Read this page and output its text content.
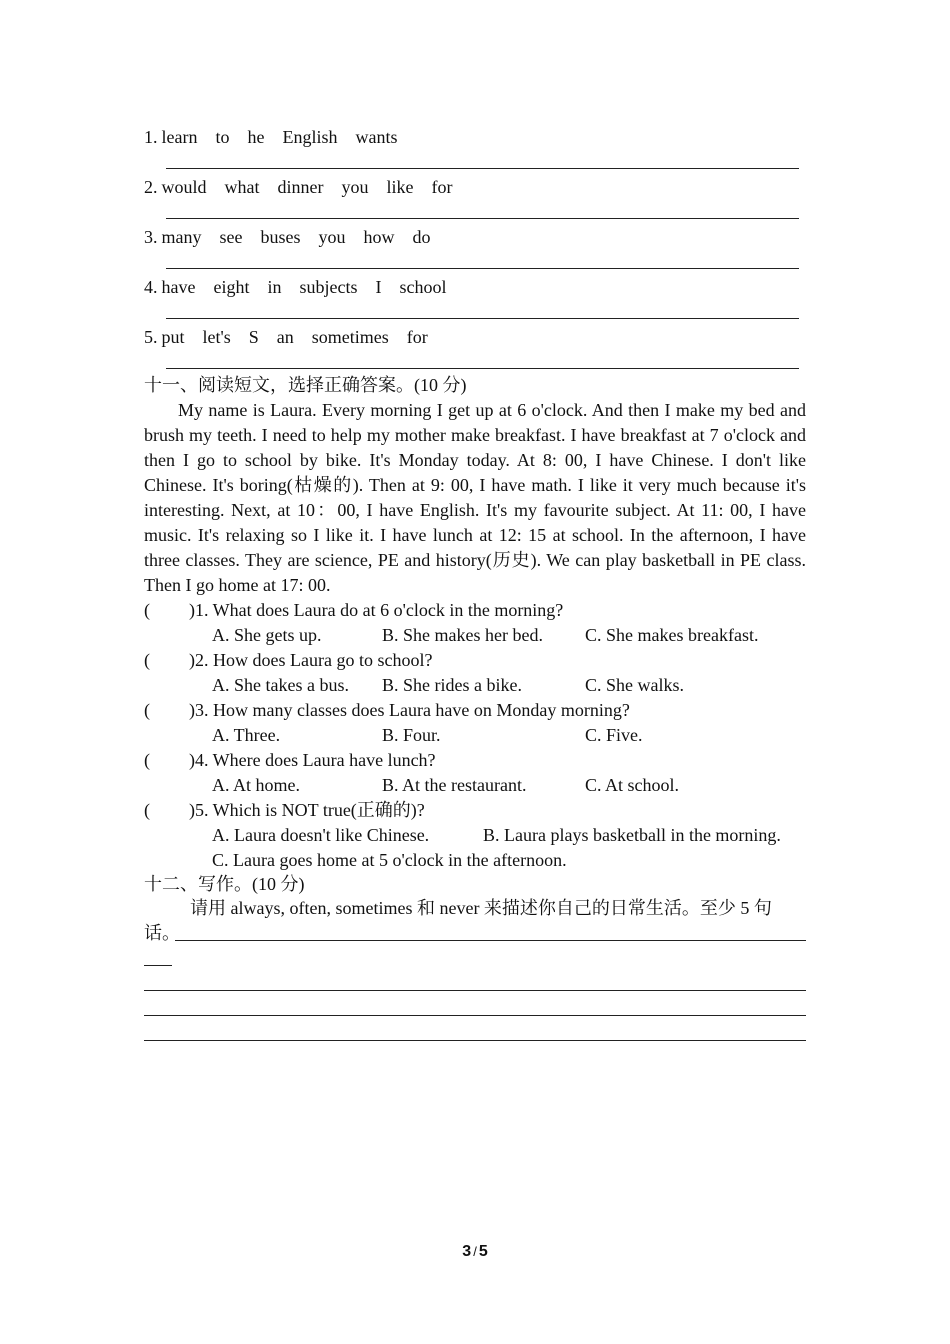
1. learn to he English wants
2. would what dinner you like for
3. many see buses you how do
4. have eight in subjects I school
5. put let's S an sometimes for
十一、阅读短文，选择正确答案。(10 分)

My name is Laura. Every morning I get up at 6 o'clock. And then I make my bed and brush my teeth. I need to help my mother make breakfast. I have breakfast at 7 o'clock and then I go to school by bike. It's Monday today. At 8: 00, I have Chinese. I don't like Chinese. It's boring(枯燥的). Then at 9: 00, I have math. I like it very much because it's interesting. Next, at 10：00, I have English. It's my favourite subject. At 11: 00, I have music. It's relaxing so I like it. I have lunch at 12: 15 at school. In the afternoon, I have three classes. They are science, PE and history(历史). We can play basketball in PE class. Then I go home at 17: 00.

( )1. What does Laura do at 6 o'clock in the morning?
A. She gets up.	B. She makes her bed. C. She makes breakfast.
( )2. How does Laura go to school?
A. She takes a bus. B. She rides a bike.	C. She walks.
( )3. How many classes does Laura have on Monday morning?
A. Three.	B. Four.	C. Five.
( )4. Where does Laura have lunch?
A. At home.	B. At the restaurant.	C. At school.
( )5. Which is NOT true(正确的)?
A. Laura doesn't like Chinese.	B. Laura plays basketball in the morning.
C. Laura goes home at 5 o'clock in the afternoon.
十二、写作。(10 分)
请用 always, often, sometimes 和 never 来描述你自己的日常生活。至少 5 句
话。
3 / 5
